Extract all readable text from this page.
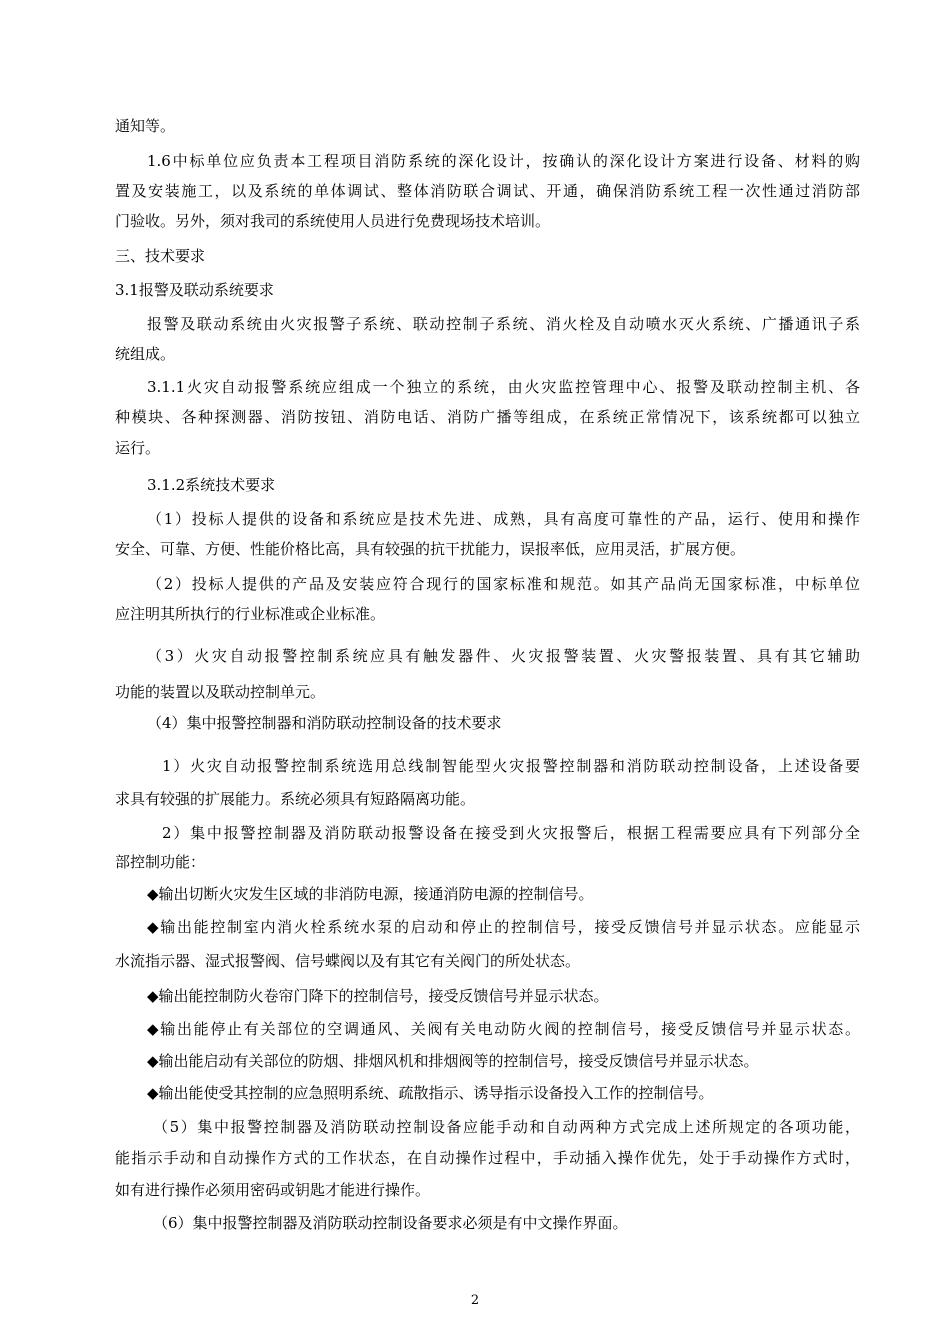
通知等。
1.6中标单位应负责本工程项目消防系统的深化设计，按确认的深化设计方案进行设备、材料的购
置及安装施工，以及系统的单体调试、整体消防联合调试、开通，确保消防系统工程一次性通过消防部
门验收。另外，须对我司的系统使用人员进行免费现场技术培训。
三、技术要求
3.1报警及联动系统要求
报警及联动系统由火灾报警子系统、联动控制子系统、消火栓及自动喷水灭火系统、广播通讯子系
统组成。
3.1.1火灾自动报警系统应组成一个独立的系统，由火灾监控管理中心、报警及联动控制主机、各
种模块、各种探测器、消防按钮、消防电话、消防广播等组成，在系统正常情况下，该系统都可以独立
运行。
3.1.2系统技术要求
（1）投标人提供的设备和系统应是技术先进、成熟，具有高度可靠性的产品，运行、使用和操作
安全、可靠、方便、性能价格比高，具有较强的抗干扰能力，误报率低，应用灵活，扩展方便。
（2）投标人提供的产品及安装应符合现行的国家标准和规范。如其产品尚无国家标准，中标单位
应注明其所执行的行业标准或企业标准。
（3）火灾自动报警控制系统应具有触发器件、火灾报警装置、火灾警报装置、具有其它辅助
功能的装置以及联动控制单元。
（4）集中报警控制器和消防联动控制设备的技术要求
1）火灾自动报警控制系统选用总线制智能型火灾报警控制器和消防联动控制设备，上述设备要
求具有较强的扩展能力。系统必须具有短路隔离功能。
2）集中报警控制器及消防联动报警设备在接受到火灾报警后，根据工程需要应具有下列部分全
部控制功能：
◆输出切断火灾发生区域的非消防电源，接通消防电源的控制信号。
◆输出能控制室内消火栓系统水泵的启动和停止的控制信号，接受反馈信号并显示状态。应能显示
水流指示器、湿式报警阀、信号蝶阀以及有其它有关阀门的所处状态。
◆输出能控制防火卷帘门降下的控制信号，接受反馈信号并显示状态。
◆输出能停止有关部位的空调通风、关阀有关电动防火阀的控制信号，接受反馈信号并显示状态。
◆输出能启动有关部位的防烟、排烟风机和排烟阀等的控制信号，接受反馈信号并显示状态。
◆输出能使受其控制的应急照明系统、疏散指示、诱导指示设备投入工作的控制信号。
（5）集中报警控制器及消防联动控制设备应能手动和自动两种方式完成上述所规定的各项功能，
能指示手动和自动操作方式的工作状态，在自动操作过程中，手动插入操作优先，处于手动操作方式时，
如有进行操作必须用密码或钥匙才能进行操作。
（6）集中报警控制器及消防联动控制设备要求必须是有中文操作界面。
2
